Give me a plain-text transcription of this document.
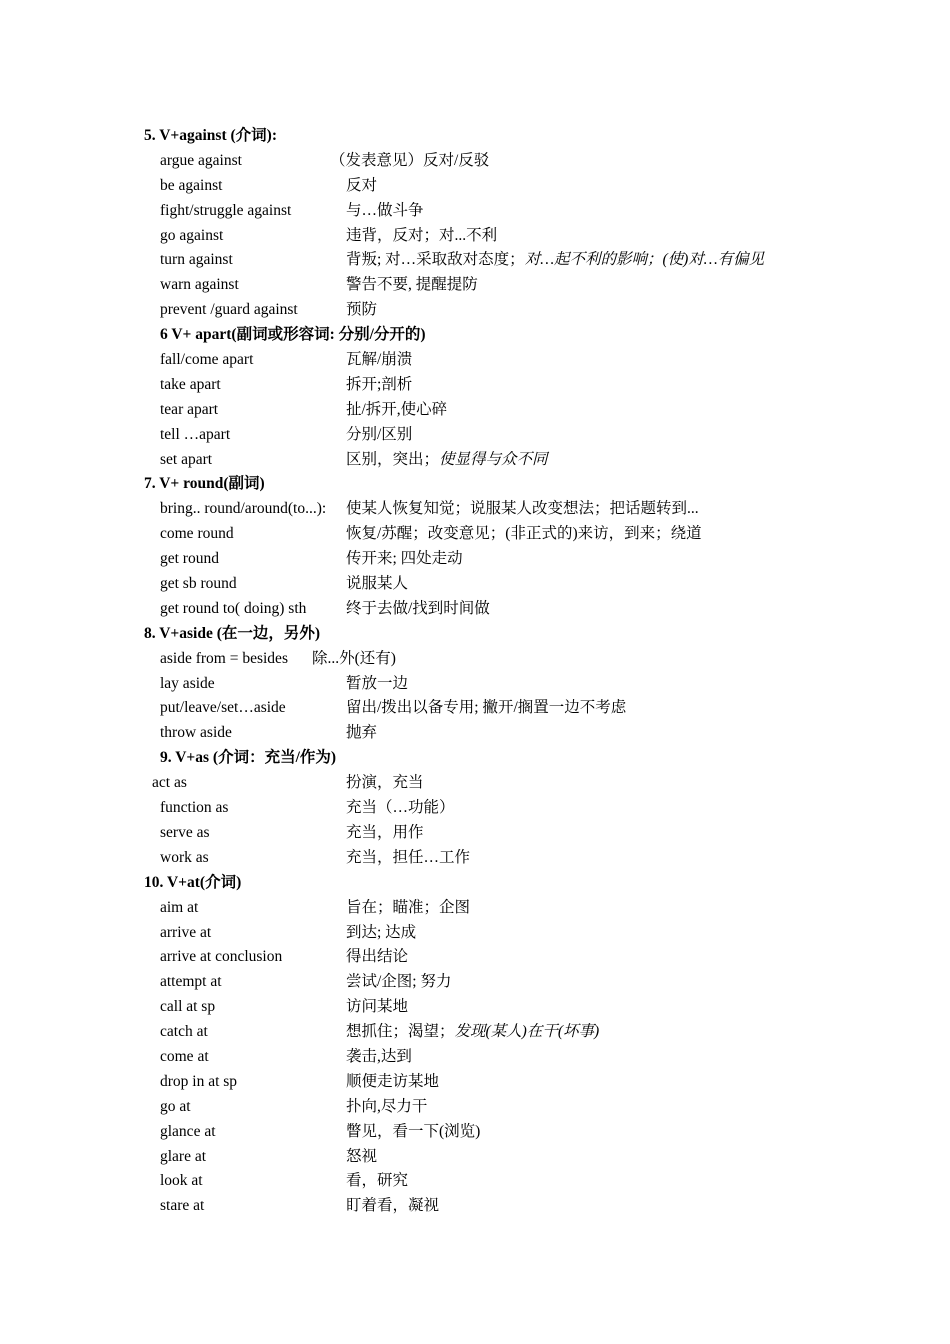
5. V+against (介词):
argue against	（发表意见）反对/反驳
be against	反对
fight/struggle against	与…做斗争
go against	违背，反对；对...不利
turn against	背叛; 对…采取敌对态度；对…起不利的影响；(使)对…有偏见
warn against	警告不要, 提醒提防
prevent /guard against	预防
6 V+ apart(副词或形容词: 分别/分开的)
fall/come apart	瓦解/崩溃
take apart	拆开;剖析
tear apart	扯/拆开,使心碎
tell …apart	分别/区别
set apart	区别，突出；使显得与众不同
7. V+ round(副词)
bring.. round/around(to...): 使某人恢复知觉；说服某人改变想法；把话题转到...
come round	恢复/苏醒；改变意见；(非正式的)来访，到来；绕道
get round	传开来; 四处走动
get sb round	说服某人
get round to( doing) sth	终于去做/找到时间做
8. V+aside (在一边，另外)
aside from = besides 除...外(还有)
lay aside	暂放一边
put/leave/set…aside	留出/拨出以备专用; 撇开/搁置一边不考虑
throw aside	抛弃
9. V+as (介词：充当/作为)
act as	扮演，充当
function as	充当（…功能）
serve as	充当，用作
work as	充当，担任…工作
10. V+at(介词)
aim at	旨在；瞄准；企图
arrive at	到达; 达成
arrive at conclusion	得出结论
attempt at	尝试/企图; 努力
call at sp	访问某地
catch at	想抓住；渴望；发现(某人)在干(坏事)
come at	袭击,达到
drop in at sp	顺便走访某地
go at	扑向,尽力干
glance at	瞥见，看一下(浏览)
glare at	怒视
look at	看，研究
stare at	盯着看，凝视
